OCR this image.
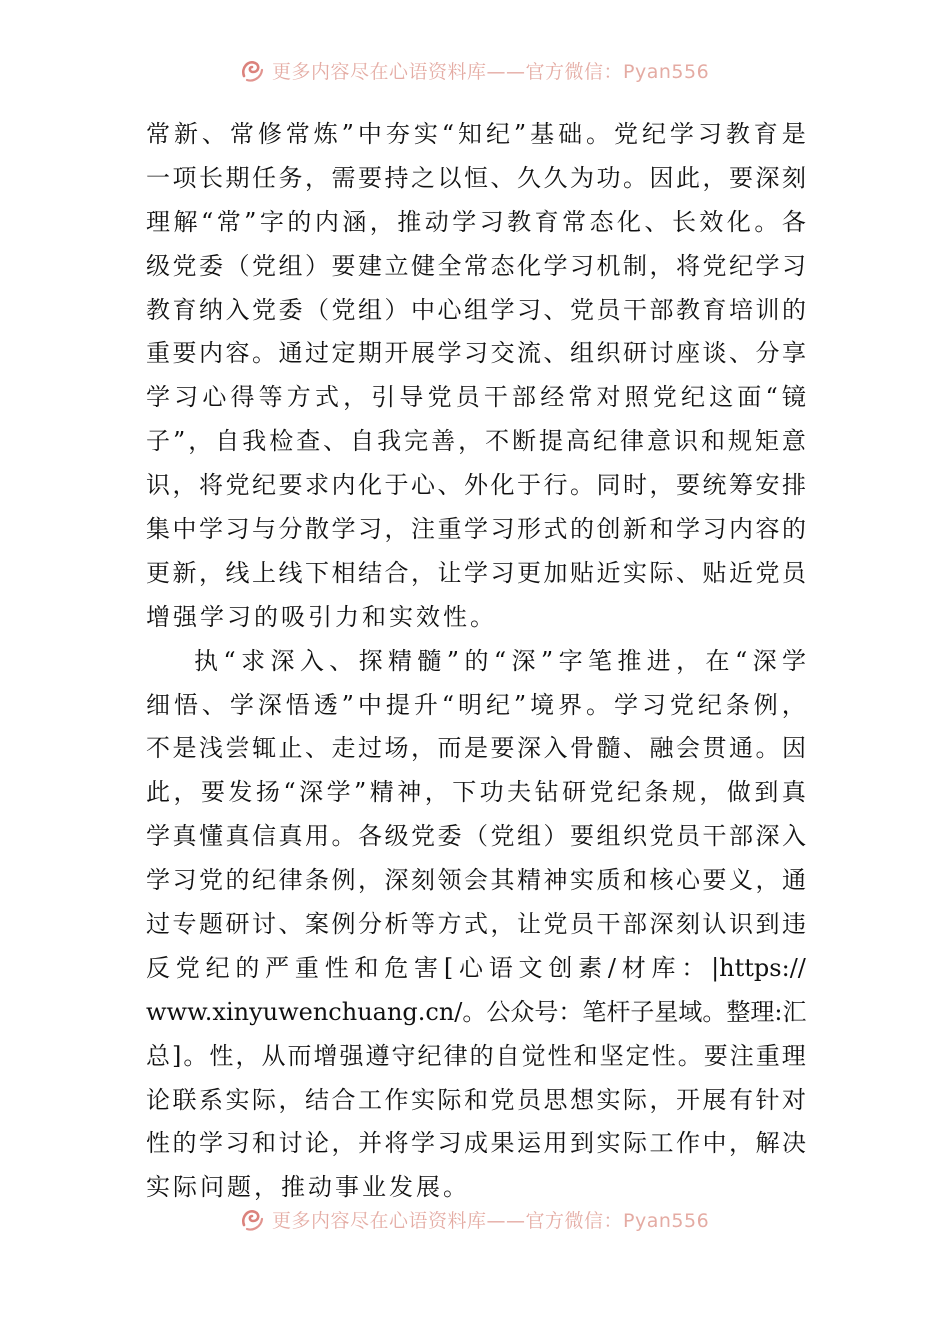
更多内容尽在心语资料库——官方微信：Pyan556
常 新 、 常 修 常 炼 ” 中 夯 实 “ 知 纪 ” 基 础 。 党 纪 学 习 教 育 是
一 项 长 期 任 务 ， 需 要 持 之 以 恒 、 久 久 为 功 。 因 此 ， 要 深 刻
理 解 “ 常 ” 字 的 内 涵 ， 推 动 学 习 教 育 常 态 化 、 长 效 化 。 各
级 党 委 （ 党 组 ） 要 建 立 健 全 常 态 化 学 习 机 制 ， 将 党 纪 学 习
教 育 纳 入 党 委 （ 党 组 ） 中 心 组 学 习 、 党 员 干 部 教 育 培 训 的
重 要 内 容 。 通 过 定 期 开 展 学 习 交 流 、 组 织 研 讨 座 谈 、 分 享
学 习 心 得 等 方 式 ， 引 导 党 员 干 部 经 常 对 照 党 纪 这 面 “ 镜
子 ” ， 自 我 检 查 、 自 我 完 善 ， 不 断 提 高 纪 律 意 识 和 规 矩 意
识 ， 将 党 纪 要 求 内 化 于 心 、 外 化 于 行 。 同 时 ， 要 统 筹 安 排
集 中 学 习 与 分 散 学 习 ， 注 重 学 习 形 式 的 创 新 和 学 习 内 容 的
更 新 ， 线 上 线 下 相 结 合 ， 让 学 习 更 加 贴 近 实 际 、 贴 近 党 员
增强学习的吸引力和实效性。
执 “ 求 深 入 、 探 精 髓 ” 的 “ 深 ” 字 笔 推 进 ， 在 “ 深 学
细 悟 、 学 深 悟 透 ” 中 提 升 “ 明 纪 ” 境 界 。 学 习 党 纪 条 例 ，
不 是 浅 尝 辄 止 、 走 过 场 ， 而 是 要 深 入 骨 髓 、 融 会 贯 通 。 因
此 ， 要 发 扬 “ 深 学 ” 精 神 ， 下 功 夫 钻 研 党 纪 条 规 ， 做 到 真
学 真 懂 真 信 真 用 。 各 级 党 委 （ 党 组 ） 要 组 织 党 员 干 部 深 入
学 习 党 的 纪 律 条 例 ， 深 刻 领 会 其 精 神 实 质 和 核 心 要 义 ， 通
过 专 题 研 讨 、 案 例 分 析 等 方 式 ， 让 党 员 干 部 深 刻 认 识 到 违
反 党 纪 的 严 重 性 和 危 害 [ 心 语 文 创 素 / 材 库 ： |https://
www.xinyuwenchuang.cn/ 。 公 众 号 ： 笔 杆 子 星 域 。 整 理 : 汇
总 ] 。 性 ， 从 而 增 强 遵 守 纪 律 的 自 觉 性 和 坚 定 性 。 要 注 重 理
论 联 系 实 际 ， 结 合 工 作 实 际 和 党 员 思 想 实 际 ， 开 展 有 针 对
性 的 学 习 和 讨 论 ， 并 将 学 习 成 果 运 用 到 实 际 工 作 中 ， 解 决
实际问题，推动事业发展。
更多内容尽在心语资料库——官方微信：Pyan556
